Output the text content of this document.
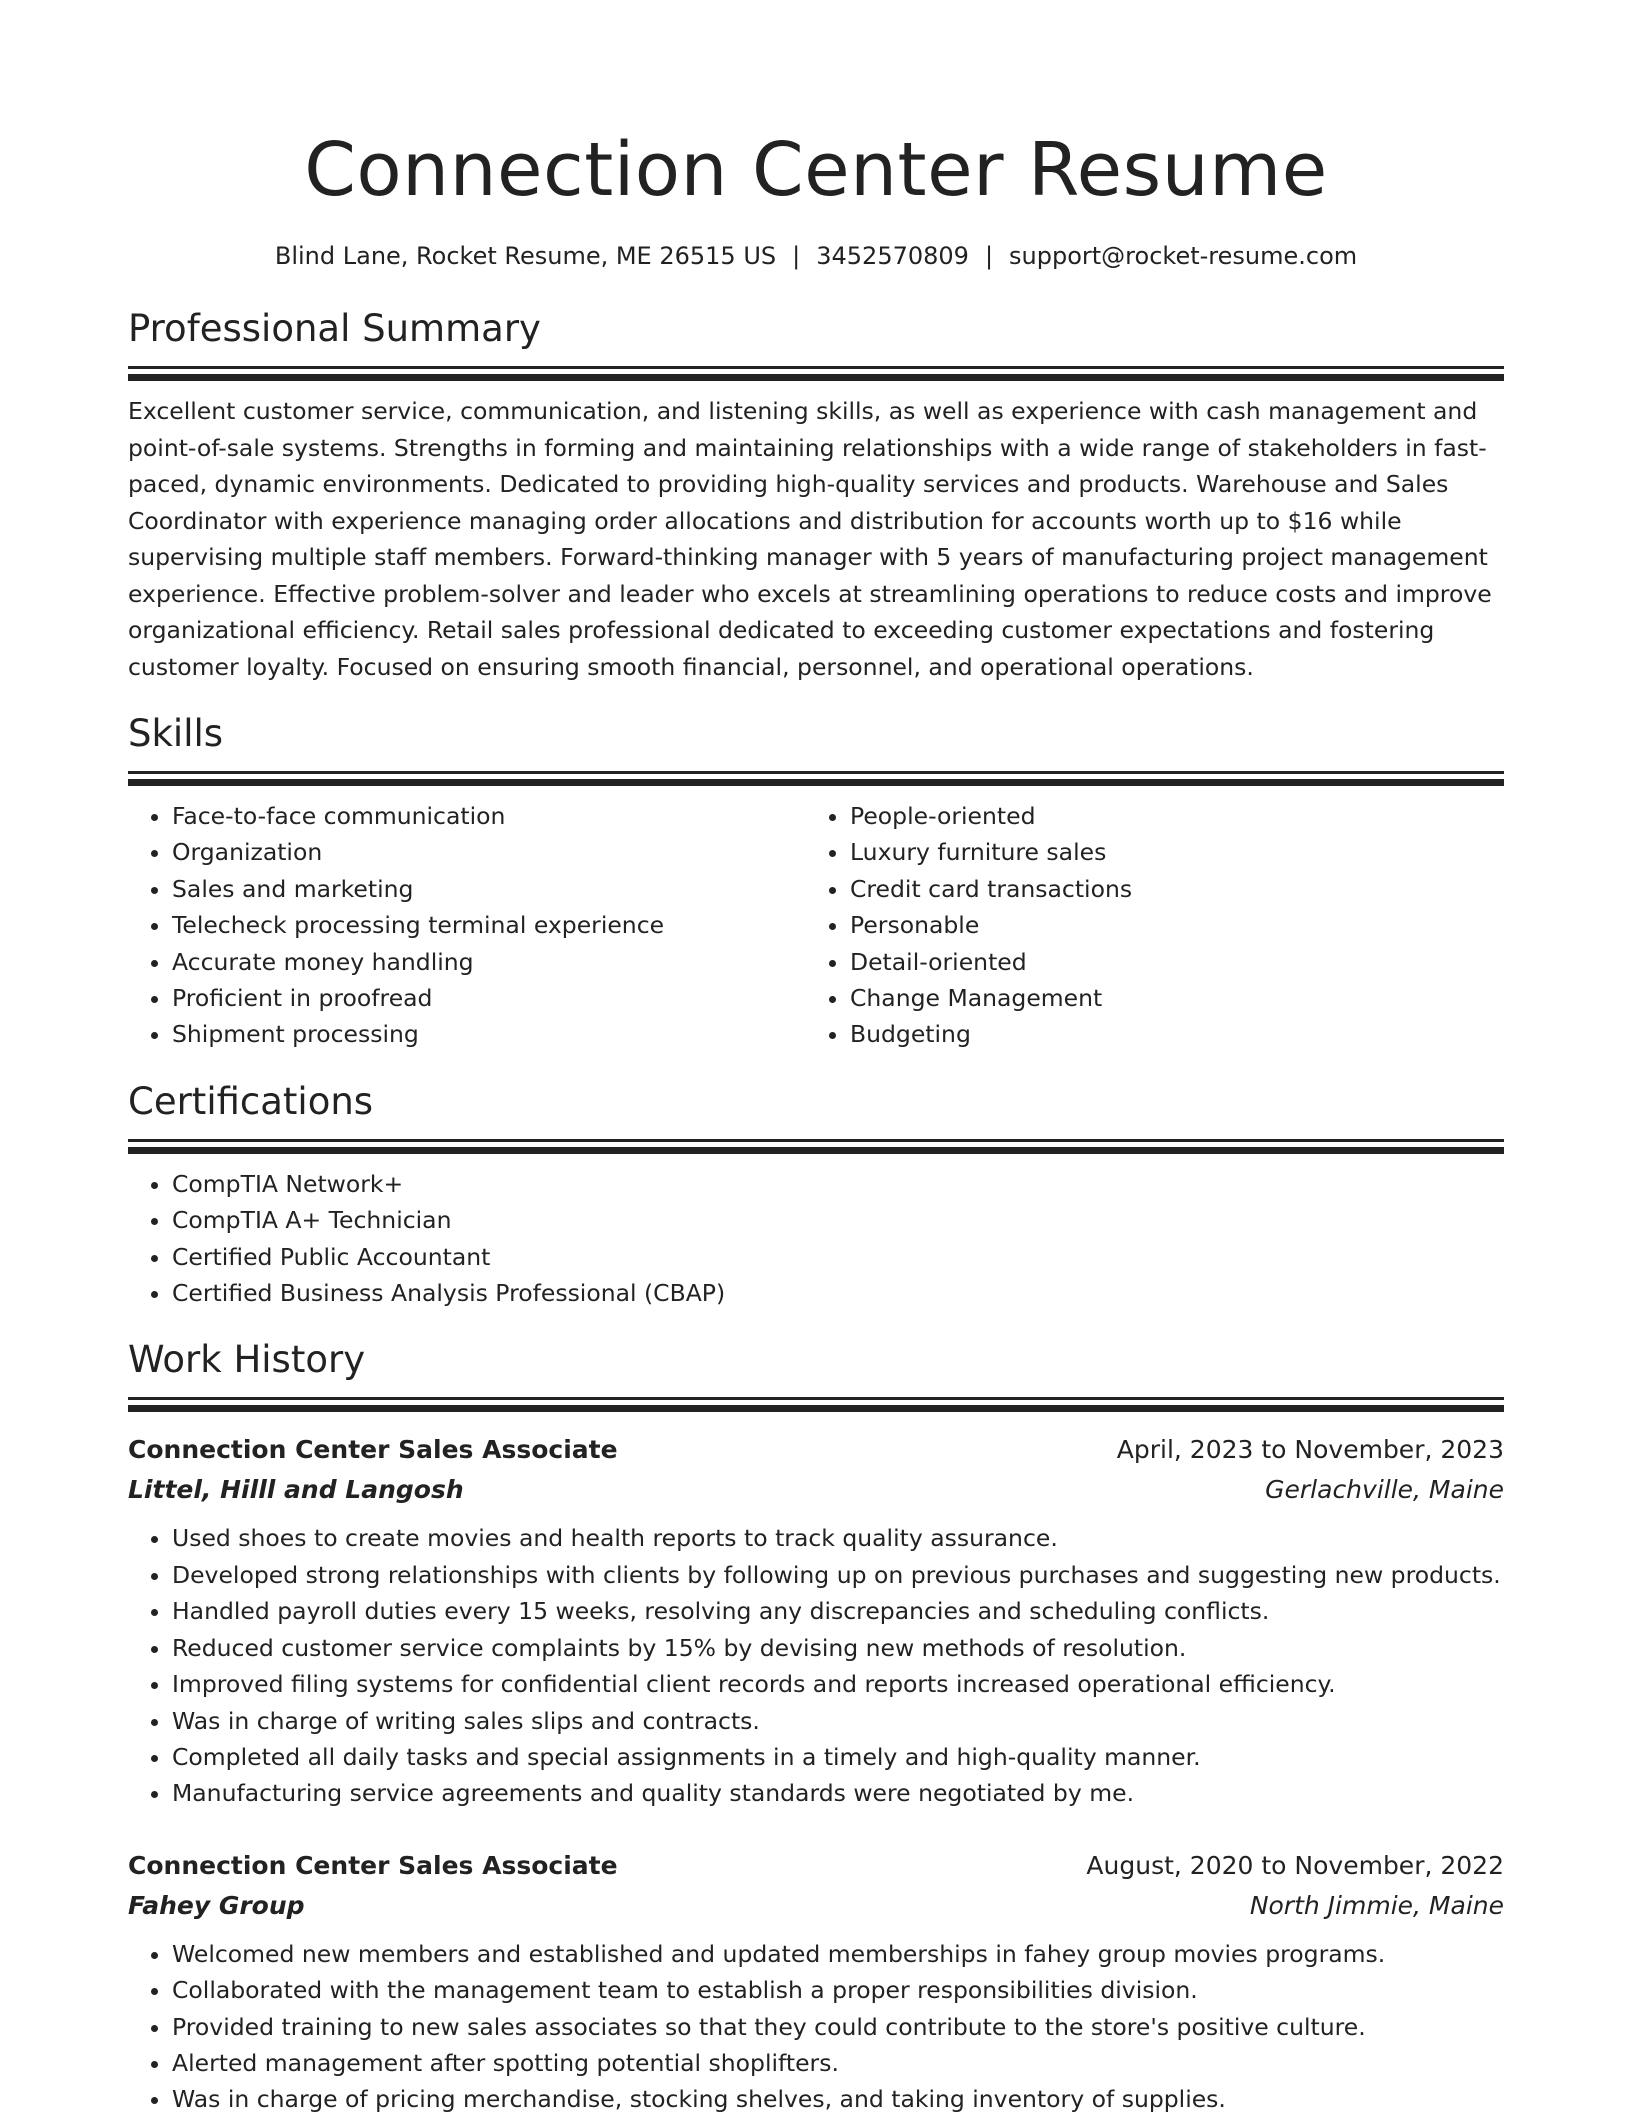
Connection Center Resume
Blind Lane, Rocket Resume, ME 26515 US | 3452570809 | support@rocket-resume.com
Professional Summary
Excellent customer service, communication, and listening skills, as well as experience with cash management and point-of-sale systems. Strengths in forming and maintaining relationships with a wide range of stakeholders in fast-paced, dynamic environments. Dedicated to providing high-quality services and products. Warehouse and Sales Coordinator with experience managing order allocations and distribution for accounts worth up to $16 while supervising multiple staff members. Forward-thinking manager with 5 years of manufacturing project management experience. Effective problem-solver and leader who excels at streamlining operations to reduce costs and improve organizational efficiency. Retail sales professional dedicated to exceeding customer expectations and fostering customer loyalty. Focused on ensuring smooth financial, personnel, and operational operations.
Skills
• Face-to-face communication
• Organization
• Sales and marketing
• Telecheck processing terminal experience
• Accurate money handling
• Proficient in proofread
• Shipment processing
• People-oriented
• Luxury furniture sales
• Credit card transactions
• Personable
• Detail-oriented
• Change Management
• Budgeting
Certifications
• CompTIA Network+
• CompTIA A+ Technician
• Certified Public Accountant
• Certified Business Analysis Professional (CBAP)
Work History
Connection Center Sales Associate	April, 2023 to November, 2023
Littel, Hilll and Langosh	Gerlachville, Maine
• Used shoes to create movies and health reports to track quality assurance.
• Developed strong relationships with clients by following up on previous purchases and suggesting new products.
• Handled payroll duties every 15 weeks, resolving any discrepancies and scheduling conflicts.
• Reduced customer service complaints by 15% by devising new methods of resolution.
• Improved filing systems for confidential client records and reports increased operational efficiency.
• Was in charge of writing sales slips and contracts.
• Completed all daily tasks and special assignments in a timely and high-quality manner.
• Manufacturing service agreements and quality standards were negotiated by me.
Connection Center Sales Associate	August, 2020 to November, 2022
Fahey Group	North Jimmie, Maine
• Welcomed new members and established and updated memberships in fahey group movies programs.
• Collaborated with the management team to establish a proper responsibilities division.
• Provided training to new sales associates so that they could contribute to the store's positive culture.
• Alerted management after spotting potential shoplifters.
• Was in charge of pricing merchandise, stocking shelves, and taking inventory of supplies.
